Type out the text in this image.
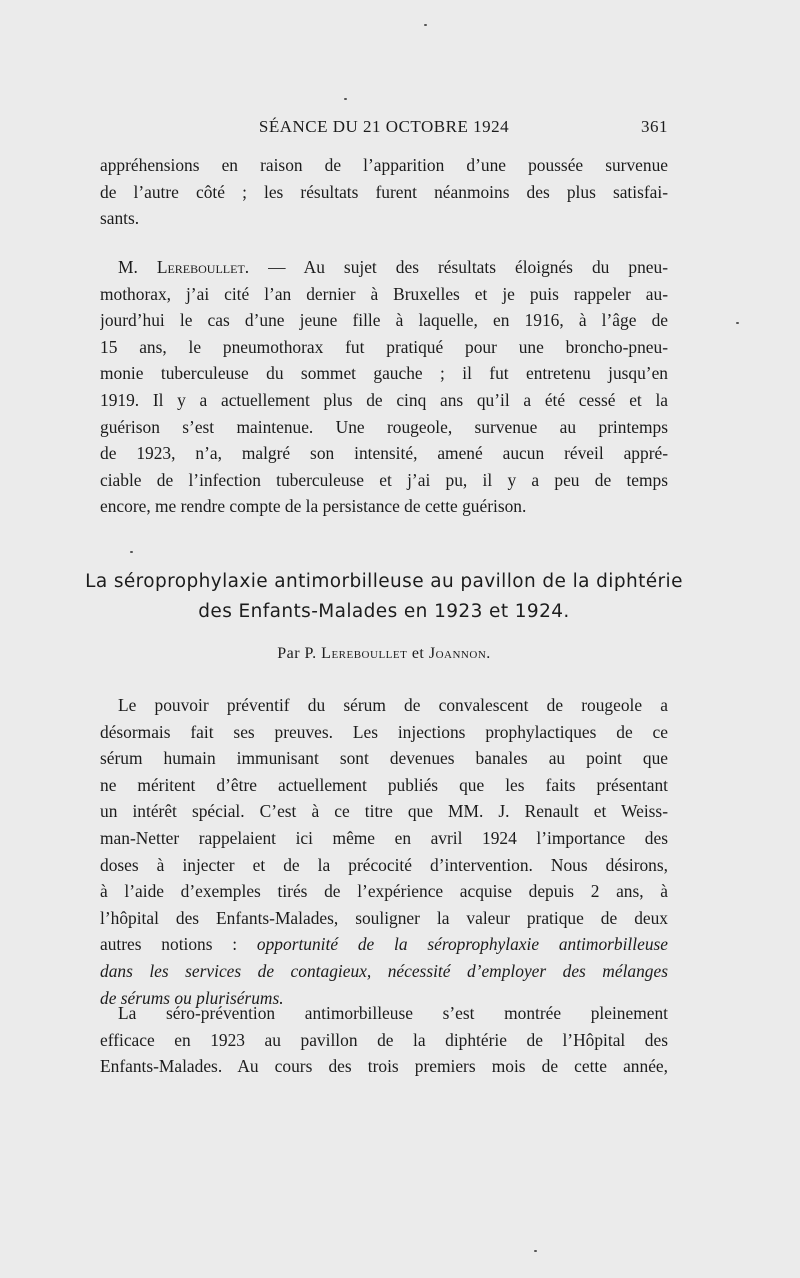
SÉANCE DU 21 OCTOBRE 1924	361
appréhensions en raison de l’apparition d’une poussée survenue
de l’autre côté ; les résultats furent néanmoins des plus satisfai-
sants.
M. Lereboullet. — Au sujet des résultats éloignés du pneu-
mothorax, j’ai cité l’an dernier à Bruxelles et je puis rappeler au-
jourd’hui le cas d’une jeune fille à laquelle, en 1916, à l’âge de
15 ans, le pneumothorax fut pratiqué pour une broncho-pneu-
monie tuberculeuse du sommet gauche ; il fut entretenu jusqu’en
1919. Il y a actuellement plus de cinq ans qu’il a été cessé et la
guérison s’est maintenue. Une rougeole, survenue au printemps
de 1923, n’a, malgré son intensité, amené aucun réveil appré-
ciable de l’infection tuberculeuse et j’ai pu, il y a peu de temps
encore, me rendre compte de la persistance de cette guérison.
La séroprophylaxie antimorbilleuse au pavillon de la diphtérie
des Enfants-Malades en 1923 et 1924.
Par P. Lereboullet et Joannon.
Le pouvoir préventif du sérum de convalescent de rougeole a
désormais fait ses preuves. Les injections prophylactiques de ce
sérum humain immunisant sont devenues banales au point que
ne méritent d’être actuellement publiés que les faits présentant
un intérêt spécial. C’est à ce titre que MM. J. Renault et Weiss-
man-Netter rappelaient ici même en avril 1924 l’importance des
doses à injecter et de la précocité d’intervention. Nous désirons,
à l’aide d’exemples tirés de l’expérience acquise depuis 2 ans, à
l’hôpital des Enfants-Malades, souligner la valeur pratique de deux
autres notions : opportunité de la séroprophylaxie antimorbilleuse
dans les services de contagieux, nécessité d’employer des mélanges
de sérums ou plurisérums.
La séro-prévention antimorbilleuse s’est montrée pleinement
efficace en 1923 au pavillon de la diphtérie de l’Hôpital des
Enfants-Malades. Au cours des trois premiers mois de cette année,
